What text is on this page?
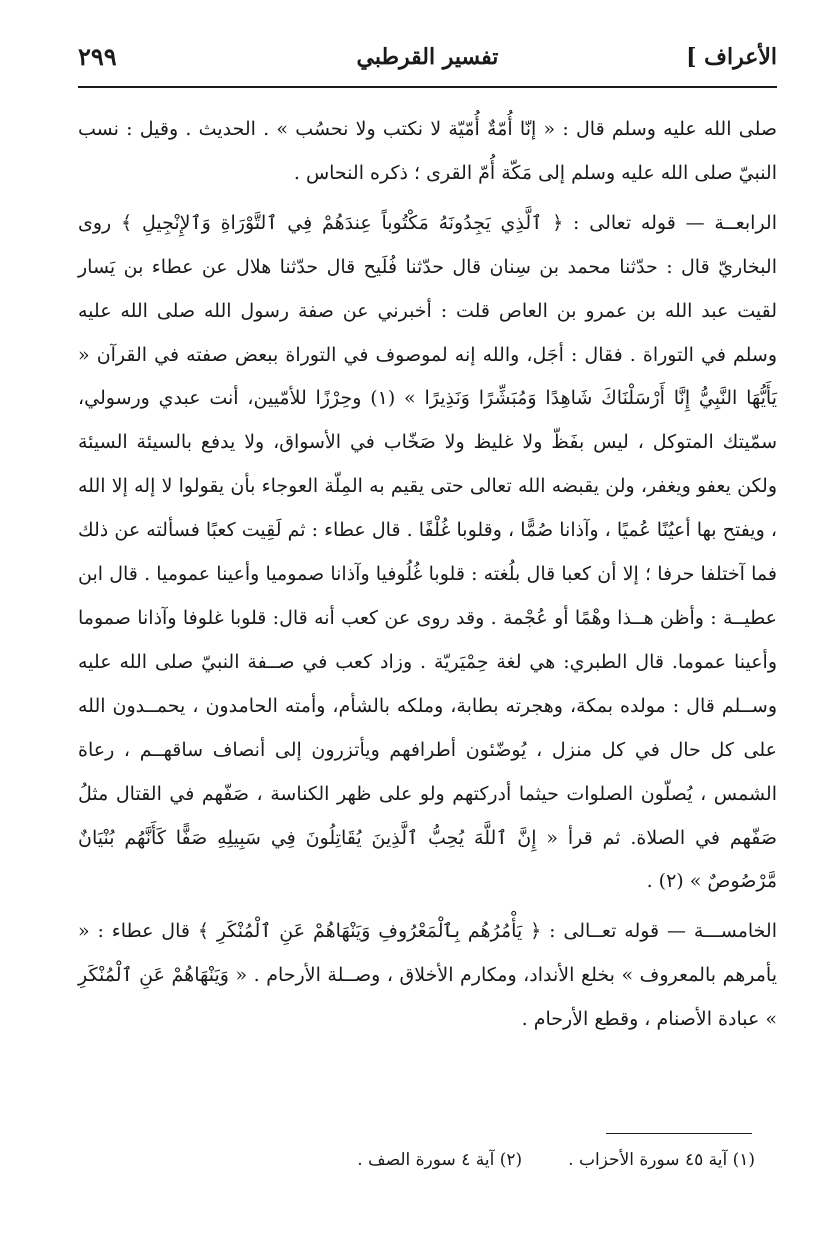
الأعراف ]
تفسير القرطبي
٢٩٩

صلى الله عليه وسلم قال : « إنّا أُمّةٌ أُمّيّة لا نكتب ولا نحسُب » . الحديث . وقيل : نسب النبيّ صلى الله عليه وسلم إلى مَكّة أُمّ القرى ؛ ذكره النحاس .

الرابعــة — قوله تعالى : ﴿ ٱلَّذِي يَجِدُونَهُ مَكْتُوباً عِندَهُمْ فِي ٱلتَّوْرَاةِ وَٱلإِنْجِيلِ ﴾ روى البخاريّ قال : حدّثنا محمد بن سِنان قال حدّثنا فُلَيح قال حدّثنا هلال عن عطاء بن يَسار لقيت عبد الله بن عمرو بن العاص قلت : أخبرني عن صفة رسول الله صلى الله عليه وسلم في التوراة . فقال : أجَل، والله إنه لموصوف في التوراة ببعض صفته في القرآن « يَأَيُّهَا النَّبِيُّ إِنَّا أَرْسَلْنَاكَ شَاهِدًا وَمُبَشِّرًا وَنَذِيرًا » (١) وحِرْزًا للأمّيين، أنت عبدي ورسولي، سمّيتك المتوكل ، ليس بفَظّ ولا غليظ ولا صَخّاب في الأسواق، ولا يدفع بالسيئة السيئة ولكن يعفو ويغفر، ولن يقبضه الله تعالى حتى يقيم به المِلّة العوجاء بأن يقولوا لا إله إلا الله ، ويفتح بها أعيُنًا عُميًا ، وآذانا صُمًّا ، وقلوبا غُلْفًا . قال عطاء : ثم لَقِيت كعبًا فسألته عن ذلك فما آختلفا حرفا ؛ إلا أن كعبا قال بلُغته : قلوبا غُلُوفيا وآذانا صموميا وأعينا عموميا . قال ابن عطيــة : وأظن هــذا وهْمًا أو عُجْمة . وقد روى عن كعب أنه قال: قلوبا غلوفا وآذانا صموما وأعينا عموما. قال الطبري: هي لغة حِمْيَريّة . وزاد كعب في صــفة النبيّ صلى الله عليه وســلم قال : مولده بمكة، وهجرته بطابة، وملكه بالشأم، وأمته الحامدون ، يحمــدون الله على كل حال في كل منزل ، يُوضّئون أطرافهم ويأتزرون إلى أنصاف ساقهــم ، رعاة الشمس ، يُصلّون الصلوات حيثما أدركتهم ولو على ظهر الكناسة ، صَفّهم في القتال مثلُ صَفّهم في الصلاة. ثم قرأ « إِنَّ ٱللَّهَ يُحِبُّ ٱلَّذِينَ يُقَاتِلُونَ فِي سَبِيلِهِ صَفًّا كَأَنَّهُم بُنْيَانٌ مَّرْصُوصٌ » (٢) .

الخامســـة — قوله تعــالى : ﴿ يَأْمُرُهُم بِٱلْمَعْرُوفِ وَيَنْهَاهُمْ عَنِ ٱلْمُنْكَرِ ﴾ قال عطاء : « يأمرهم بالمعروف » بخلع الأنداد، ومكارم الأخلاق ، وصــلة الأرحام . « وَيَنْهَاهُمْ عَنِ ٱلْمُنْكَرِ » عبادة الأصنام ، وقطع الأرحام .

(١) آية ٤٥ سورة الأحزاب .
(٢) آية ٤ سورة الصف .
